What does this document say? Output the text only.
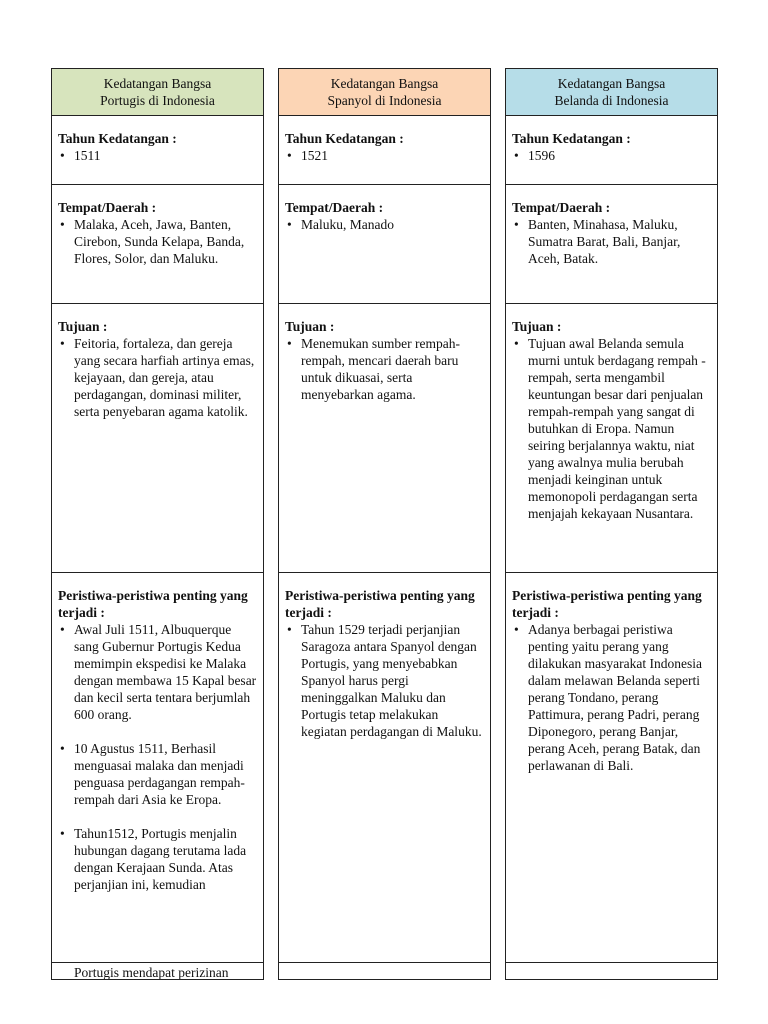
Kedatangan Bangsa
Portugis di Indonesia
Tahun Kedatangan :
• 1511
Tempat/Daerah :
• Malaka, Aceh, Jawa, Banten, Cirebon, Sunda Kelapa, Banda, Flores, Solor, dan Maluku.
Tujuan :
• Feitoria, fortaleza, dan gereja yang secara harfiah artinya emas, kejayaan, dan gereja, atau perdagangan, dominasi militer, serta penyebaran agama katolik.
Peristiwa-peristiwa penting yang terjadi :
• Awal Juli 1511, Albuquerque sang Gubernur Portugis Kedua memimpin ekspedisi ke Malaka dengan membawa 15 Kapal besar dan kecil serta tentara berjumlah 600 orang.
• 10 Agustus 1511, Berhasil menguasai malaka dan menjadi penguasa perdagangan rempah-rempah dari Asia ke Eropa.
• Tahun1512, Portugis menjalin hubungan dagang terutama lada dengan Kerajaan Sunda. Atas perjanjian ini, kemudian
Portugis mendapat perizinan
Kedatangan Bangsa
Spanyol di Indonesia
Tahun Kedatangan :
• 1521
Tempat/Daerah :
• Maluku, Manado
Tujuan :
• Menemukan sumber rempah-rempah, mencari daerah baru untuk dikuasai, serta menyebarkan agama.
Peristiwa-peristiwa penting yang terjadi :
• Tahun 1529 terjadi perjanjian Saragoza antara Spanyol dengan Portugis, yang menyebabkan Spanyol harus pergi meninggalkan Maluku dan Portugis tetap melakukan kegiatan perdagangan di Maluku.
Kedatangan Bangsa
Belanda di Indonesia
Tahun Kedatangan :
• 1596
Tempat/Daerah :
• Banten, Minahasa, Maluku, Sumatra Barat, Bali, Banjar, Aceh, Batak.
Tujuan :
• Tujuan awal Belanda semula murni untuk berdagang rempah - rempah, serta mengambil keuntungan besar dari penjualan rempah-rempah yang sangat di butuhkan di Eropa. Namun seiring berjalannya waktu, niat yang awalnya mulia berubah menjadi keinginan untuk memonopoli perdagangan serta menjajah kekayaan Nusantara.
Peristiwa-peristiwa penting yang terjadi :
• Adanya berbagai peristiwa penting yaitu perang yang dilakukan masyarakat Indonesia dalam melawan Belanda seperti perang Tondano, perang Pattimura, perang Padri, perang Diponegoro, perang Banjar, perang Aceh, perang Batak, dan perlawanan di Bali.
